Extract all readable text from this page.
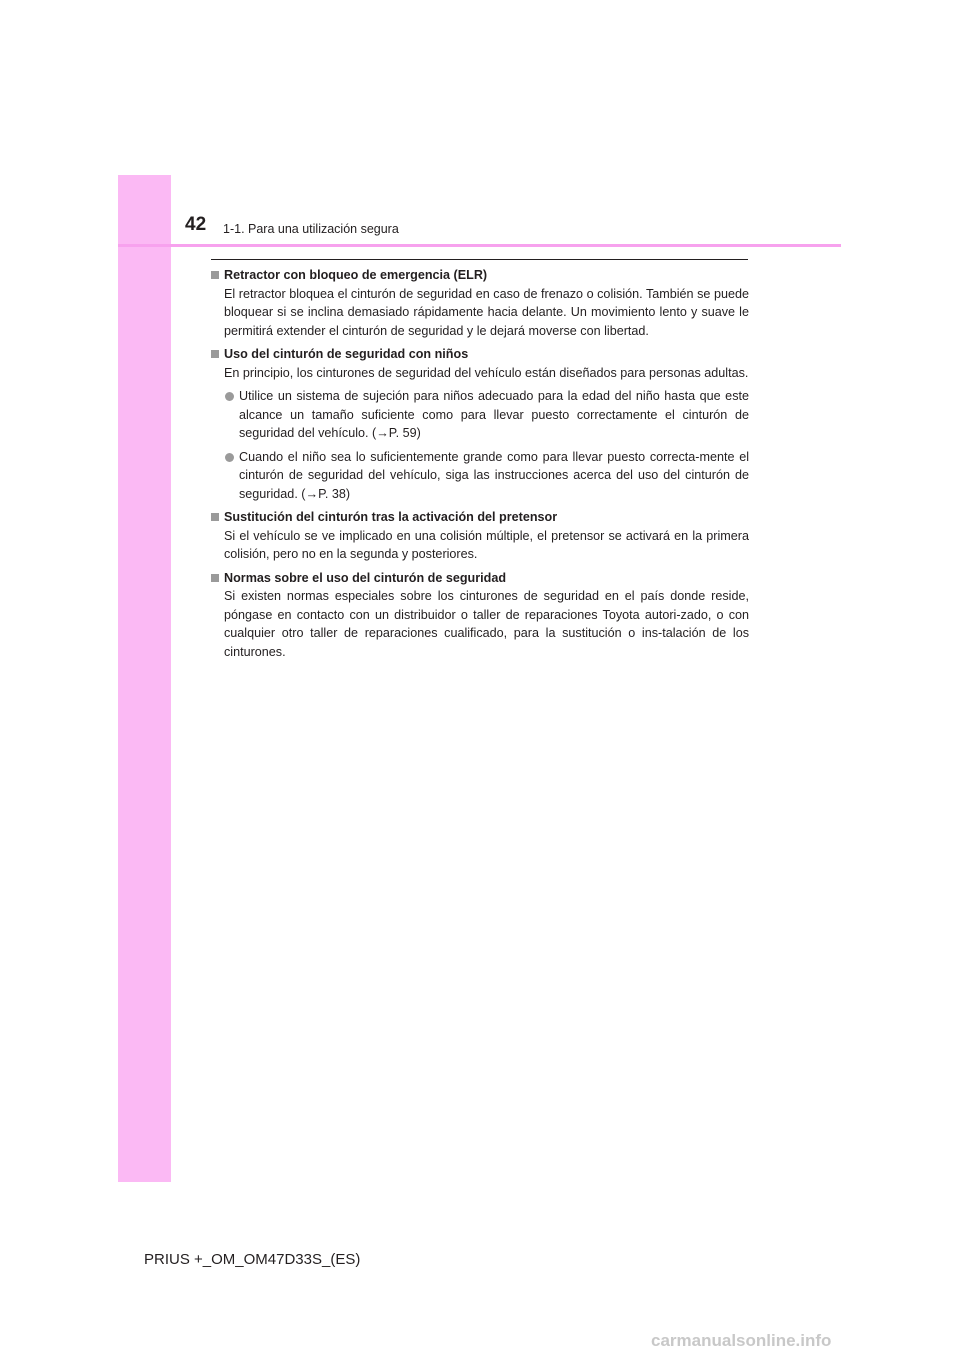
42 1-1. Para una utilización segura
Retractor con bloqueo de emergencia (ELR)
El retractor bloquea el cinturón de seguridad en caso de frenazo o colisión. También se puede bloquear si se inclina demasiado rápidamente hacia delante. Un movimiento lento y suave le permitirá extender el cinturón de seguridad y le dejará moverse con libertad.
Uso del cinturón de seguridad con niños
En principio, los cinturones de seguridad del vehículo están diseñados para personas adultas.
Utilice un sistema de sujeción para niños adecuado para la edad del niño hasta que este alcance un tamaño suficiente como para llevar puesto correctamente el cinturón de seguridad del vehículo. (→P. 59)
Cuando el niño sea lo suficientemente grande como para llevar puesto correcta-mente el cinturón de seguridad del vehículo, siga las instrucciones acerca del uso del cinturón de seguridad. (→P. 38)
Sustitución del cinturón tras la activación del pretensor
Si el vehículo se ve implicado en una colisión múltiple, el pretensor se activará en la primera colisión, pero no en la segunda y posteriores.
Normas sobre el uso del cinturón de seguridad
Si existen normas especiales sobre los cinturones de seguridad en el país donde reside, póngase en contacto con un distribuidor o taller de reparaciones Toyota autori-zado, o con cualquier otro taller de reparaciones cualificado, para la sustitución o ins-talación de los cinturones.
PRIUS +_OM_OM47D33S_(ES)
carmanualsonline.info
